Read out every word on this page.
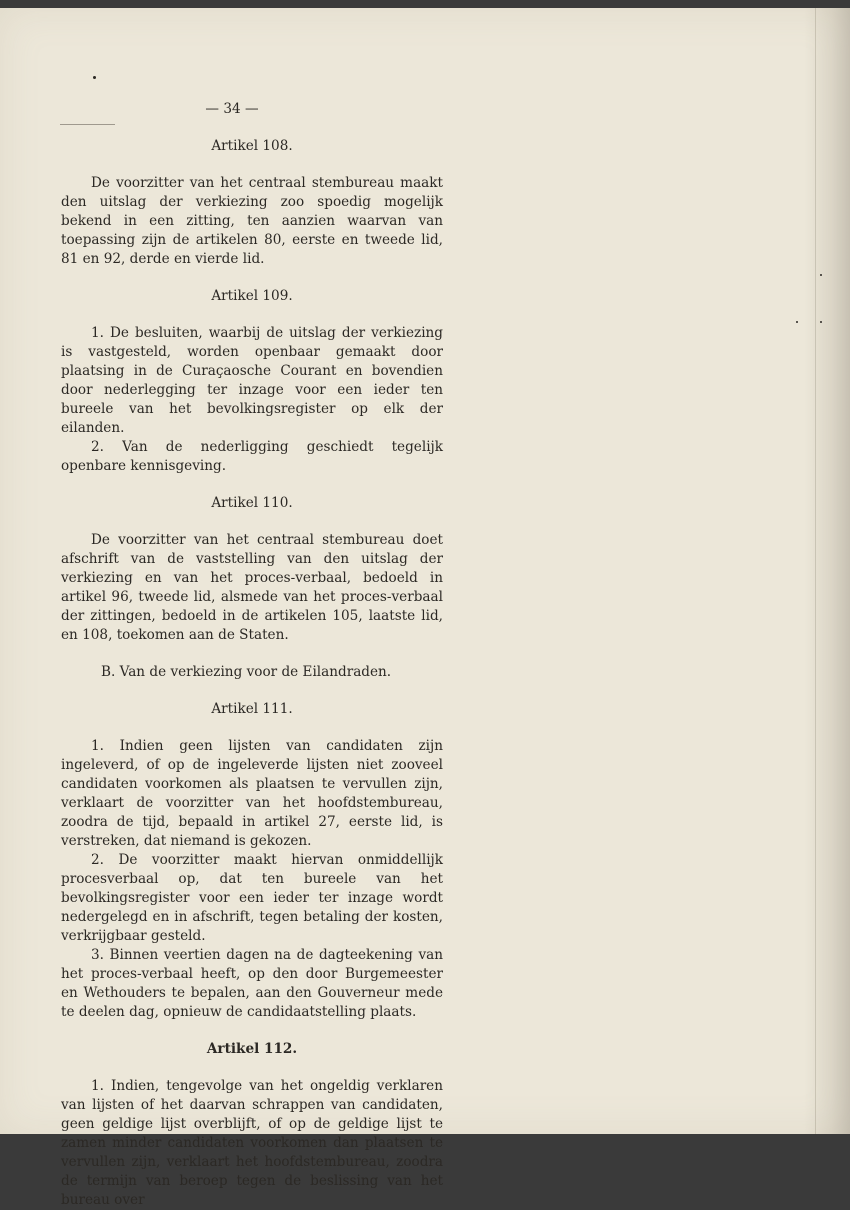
— 34 —

Artikel 108.

De voorzitter van het centraal stembureau maakt den uitslag der verkiezing zoo spoedig mogelijk bekend in een zitting, ten aanzien waarvan van toepassing zijn de artikelen 80, eerste en tweede lid, 81 en 92, derde en vierde lid.

Artikel 109.

1. De besluiten, waarbij de uitslag der verkiezing is vastgesteld, worden openbaar gemaakt door plaatsing in de Curaçaosche Courant en bovendien door nederlegging ter inzage voor een ieder ten bureele van het bevolkingsregister op elk der eilanden.

2. Van de nederligging geschiedt tegelijk openbare kennisgeving.

Artikel 110.

De voorzitter van het centraal stembureau doet afschrift van de vaststelling van den uitslag der verkiezing en van het proces-verbaal, bedoeld in artikel 96, tweede lid, alsmede van het proces-verbaal der zittingen, bedoeld in de artikelen 105, laatste lid, en 108, toekomen aan de Staten.

B. Van de verkiezing voor de Eilandraden.

Artikel 111.

1. Indien geen lijsten van candidaten zijn ingeleverd, of op de ingeleverde lijsten niet zooveel candidaten voorkomen als plaatsen te vervullen zijn, verklaart de voorzitter van het hoofdstembureau, zoodra de tijd, bepaald in artikel 27, eerste lid, is verstreken, dat niemand is gekozen.

2. De voorzitter maakt hiervan onmiddellijk procesverbaal op, dat ten bureele van het bevolkingsregister voor een ieder ter inzage wordt nedergelegd en in afschrift, tegen betaling der kosten, verkrijgbaar gesteld.

3. Binnen veertien dagen na de dagteekening van het proces-verbaal heeft, op den door Burgemeester en Wethouders te bepalen, aan den Gouverneur mede te deelen dag, opnieuw de candidaatstelling plaats.

Artikel 112.

1. Indien, tengevolge van het ongeldig verklaren van lijsten of het daarvan schrappen van candidaten, geen geldige lijst overblijft, of op de geldige lijst te zamen minder candidaten voorkomen dan plaatsen te vervullen zijn, verklaart het hoofdstembureau, zoodra de termijn van beroep tegen de beslissing van het bureau over
